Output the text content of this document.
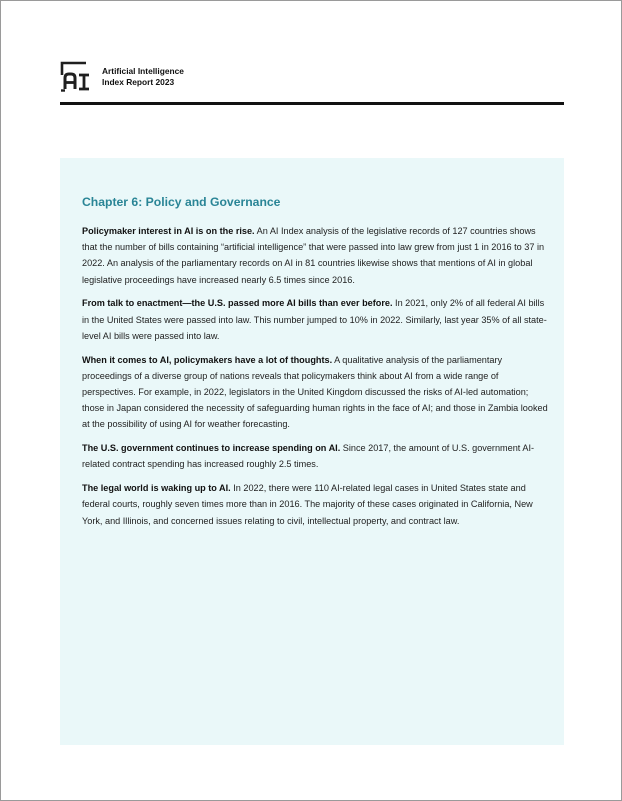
AI
Artificial Intelligence
Index Report 2023
Chapter 6: Policy and Governance

Policymaker interest in AI is on the rise. An AI Index analysis of the legislative records of 127 countries shows that the number of bills containing “artificial intelligence” that were passed into law grew from just 1 in 2016 to 37 in 2022. An analysis of the parliamentary records on AI in 81 countries likewise shows that mentions of AI in global legislative proceedings have increased nearly 6.5 times since 2016.

From talk to enactment—the U.S. passed more AI bills than ever before. In 2021, only 2% of all federal AI bills in the United States were passed into law. This number jumped to 10% in 2022. Similarly, last year 35% of all state-level AI bills were passed into law.

When it comes to AI, policymakers have a lot of thoughts. A qualitative analysis of the parliamentary proceedings of a diverse group of nations reveals that policymakers think about AI from a wide range of perspectives. For example, in 2022, legislators in the United Kingdom discussed the risks of AI-led automation; those in Japan considered the necessity of safeguarding human rights in the face of AI; and those in Zambia looked at the possibility of using AI for weather forecasting.

The U.S. government continues to increase spending on AI. Since 2017, the amount of U.S. government AI-related contract spending has increased roughly 2.5 times.

The legal world is waking up to AI. In 2022, there were 110 AI-related legal cases in United States state and federal courts, roughly seven times more than in 2016. The majority of these cases originated in California, New York, and Illinois, and concerned issues relating to civil, intellectual property, and contract law.
